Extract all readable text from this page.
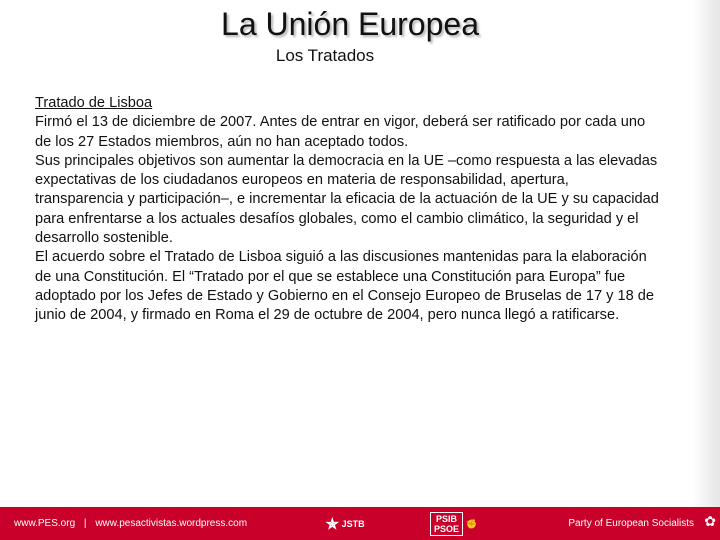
La Unión Europea
Los Tratados

Tratado de Lisboa

Firmó el 13 de diciembre de 2007. Antes de entrar en vigor, deberá ser ratificado por cada uno de los 27 Estados miembros, aún no han aceptado todos.

Sus principales objetivos son aumentar la democracia en la UE –como respuesta a las elevadas expectativas de los ciudadanos europeos en materia de responsabilidad, apertura, transparencia y participación–, e incrementar la eficacia de la actuación de la UE y su capacidad para enfrentarse a los actuales desafíos globales, como el cambio climático, la seguridad y el desarrollo sostenible.

El acuerdo sobre el Tratado de Lisboa siguió a las discusiones mantenidas para la elaboración de una Constitución. El “Tratado por el que se establece una Constitución para Europa” fue adoptado por los Jefes de Estado y Gobierno en el Consejo Europeo de Bruselas de 17 y 18 de junio de 2004, y firmado en Roma el 29 de octubre de 2004, pero nunca llegó a ratificarse.

www.PES.org | www.pesactivistas.wordpress.com	✯ JSTB	PSIB
PSOE
✊	Party of European Socialists ✿
